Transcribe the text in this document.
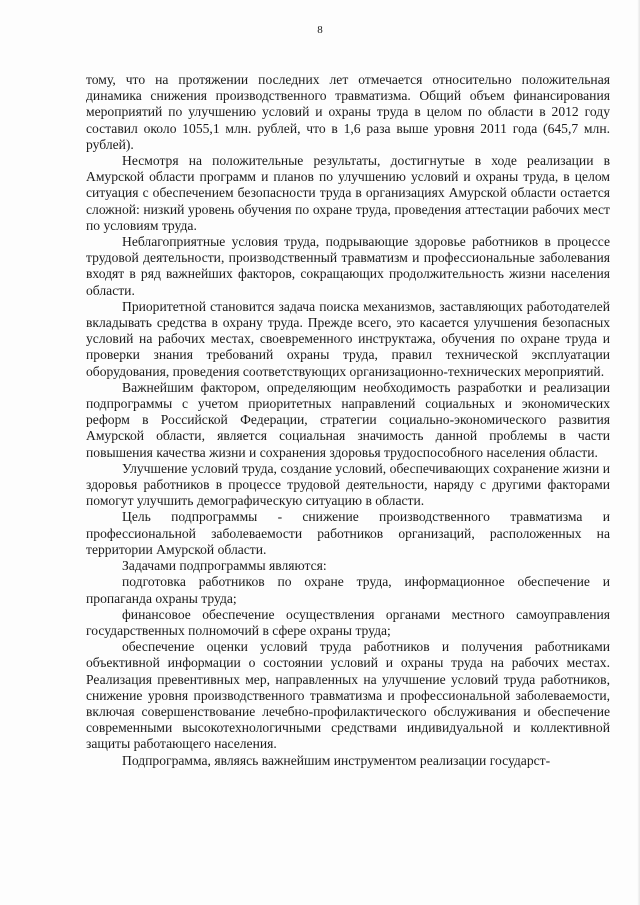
8

тому, что на протяжении последних лет отмечается относительно положительная динамика снижения производственного травматизма. Общий объем финансирования мероприятий по улучшению условий и охраны труда в целом по области в 2012 году составил около 1055,1 млн. рублей, что в 1,6 раза выше уровня 2011 года (645,7 млн. рублей).

Несмотря на положительные результаты, достигнутые в ходе реализации в Амурской области программ и планов по улучшению условий и охраны труда, в целом ситуация с обеспечением безопасности труда в организациях Амурской области остается сложной: низкий уровень обучения по охране труда, проведения аттестации рабочих мест по условиям труда.

Неблагоприятные условия труда, подрывающие здоровье работников в процессе трудовой деятельности, производственный травматизм и профессиональные заболевания входят в ряд важнейших факторов, сокращающих продолжительность жизни населения области.

Приоритетной становится задача поиска механизмов, заставляющих работодателей вкладывать средства в охрану труда. Прежде всего, это касается улучшения безопасных условий на рабочих местах, своевременного инструктажа, обучения по охране труда и проверки знания требований охраны труда, правил технической эксплуатации оборудования, проведения соответствующих организационно-технических мероприятий.

Важнейшим фактором, определяющим необходимость разработки и реализации подпрограммы с учетом приоритетных направлений социальных и экономических реформ в Российской Федерации, стратегии социально-экономического развития Амурской области, является социальная значимость данной проблемы в части повышения качества жизни и сохранения здоровья трудоспособного населения области.

Улучшение условий труда, создание условий, обеспечивающих сохранение жизни и здоровья работников в процессе трудовой деятельности, наряду с другими факторами помогут улучшить демографическую ситуацию в области.

Цель подпрограммы - снижение производственного травматизма и профессиональной заболеваемости работников организаций, расположенных на территории Амурской области.

Задачами подпрограммы являются:

подготовка работников по охране труда, информационное обеспечение и пропаганда охраны труда;

финансовое обеспечение осуществления органами местного самоуправления государственных полномочий в сфере охраны труда;

обеспечение оценки условий труда работников и получения работниками объективной информации о состоянии условий и охраны труда на рабочих местах. Реализация превентивных мер, направленных на улучшение условий труда работников, снижение уровня производственного травматизма и профессиональной заболеваемости, включая совершенствование лечебно-профилактического обслуживания и обеспечение современными высокотехнологичными средствами индивидуальной и коллективной защиты работающего населения.

Подпрограмма, являясь важнейшим инструментом реализации государст-
